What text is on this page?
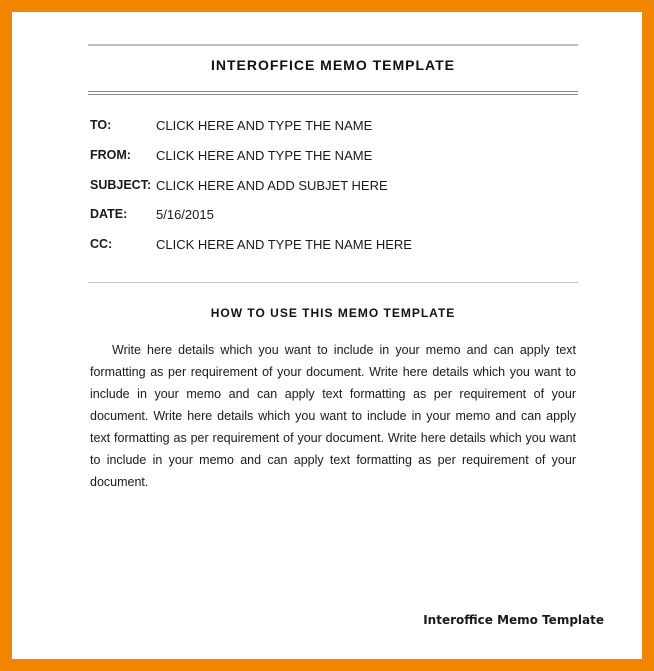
INTEROFFICE MEMO TEMPLATE
TO:	CLICK HERE AND TYPE THE NAME
FROM: CLICK HERE AND TYPE THE NAME
SUBJECT: CLICK HERE AND ADD SUBJET HERE
DATE: 5/16/2015
CC:	CLICK HERE AND TYPE THE NAME HERE
HOW TO USE THIS MEMO TEMPLATE
Write here details which you want to include in your memo and can apply text formatting as per requirement of your document. Write here details which you want to include in your memo and can apply text formatting as per requirement of your document. Write here details which you want to include in your memo and can apply text formatting as per requirement of your document. Write here details which you want to include in your memo and can apply text formatting as per requirement of your document.
Interoffice Memo Template
